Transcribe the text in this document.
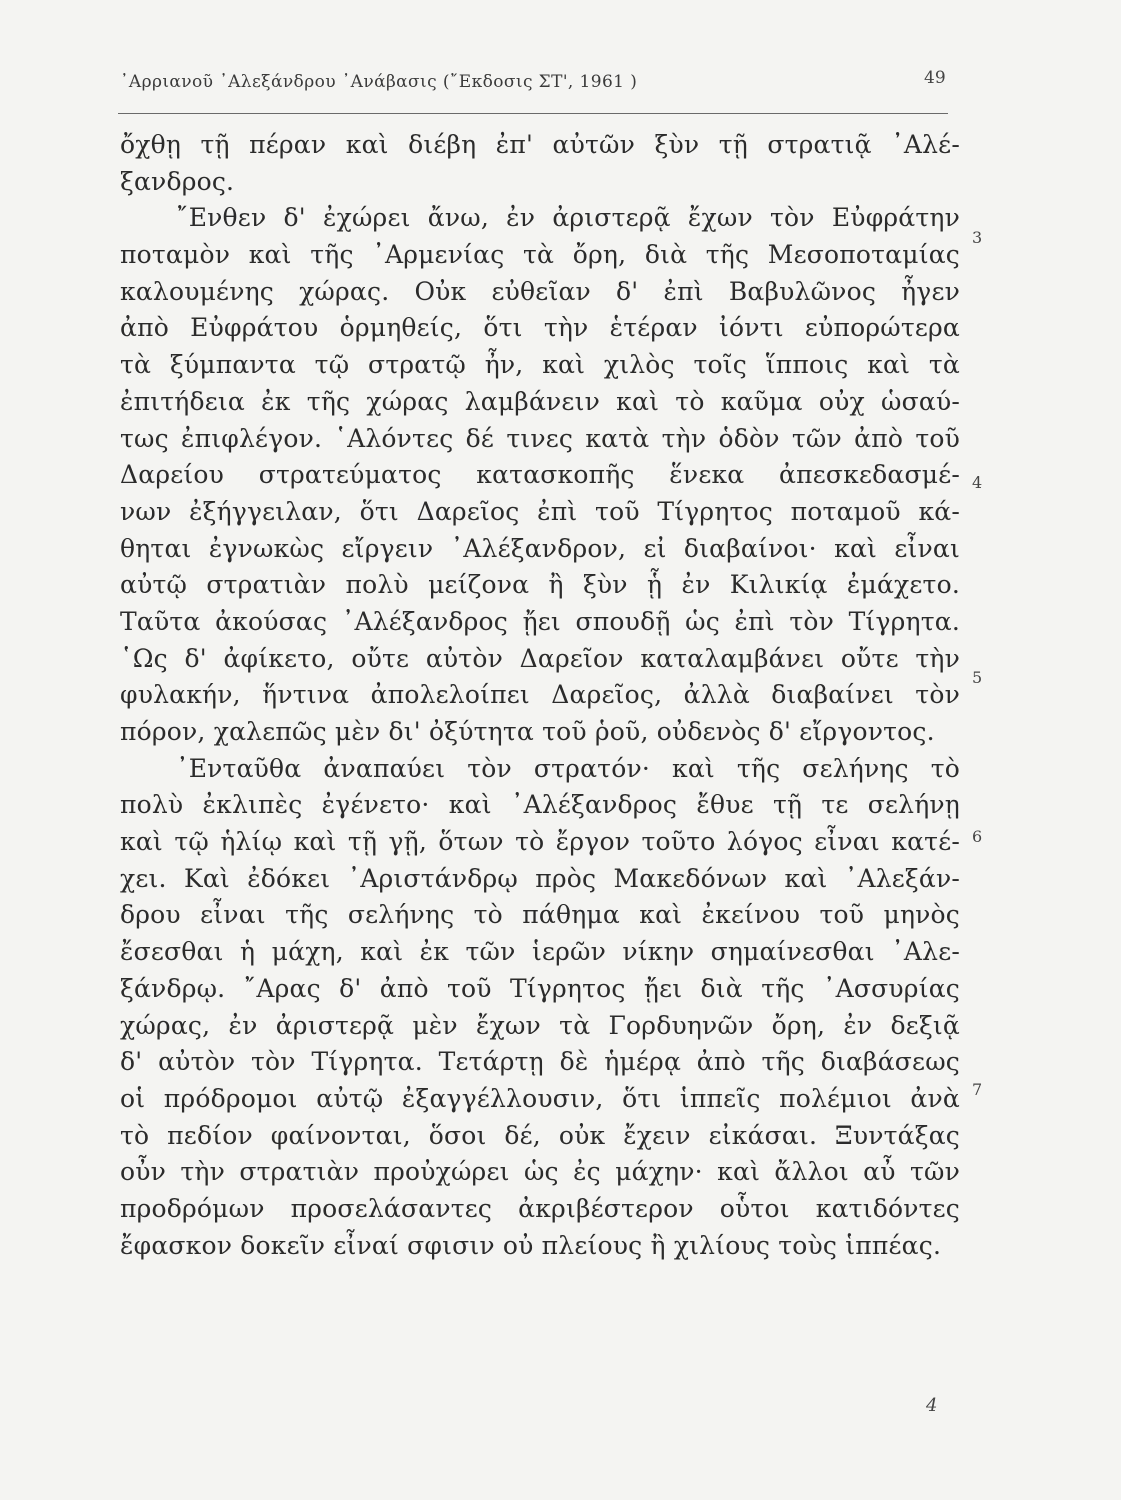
᾿Αρριανοῦ ᾿Αλεξάνδρου ᾿Ανάβασις (῎Εκδοσις ΣΤ', 1961 )	49
ὄχθῃ τῇ πέραν καὶ διέβη ἐπ' αὐτῶν ξὺν τῇ στρατιᾷ ᾿Αλέ-
ξανδρος.
῎Ενθεν δ' ἐχώρει ἄνω, ἐν ἀριστερᾷ ἔχων τὸν Εὐφράτην
ποταμὸν καὶ τῆς ᾿Αρμενίας τὰ ὄρη, διὰ τῆς Μεσοποταμίας
καλουμένης χώρας. Οὐκ εὐθεῖαν δ' ἐπὶ Βαβυλῶνος ἦγεν
ἀπὸ Εὐφράτου ὁρμηθείς, ὅτι τὴν ἑτέραν ἰόντι εὐπορώτερα
τὰ ξύμπαντα τῷ στρατῷ ἦν, καὶ χιλὸς τοῖς ἵπποις καὶ τὰ
ἐπιτήδεια ἐκ τῆς χώρας λαμβάνειν καὶ τὸ καῦμα οὐχ ὡσαύ-
τως ἐπιφλέγον. ῾Αλόντες δέ τινες κατὰ τὴν ὁδὸν τῶν ἀπὸ τοῦ
Δαρείου στρατεύματος κατασκοπῆς ἕνεκα ἀπεσκεδασμέ-
νων ἐξήγγειλαν, ὅτι Δαρεῖος ἐπὶ τοῦ Τίγρητος ποταμοῦ κά-
θηται ἐγνωκὼς εἴργειν ᾿Αλέξανδρον, εἰ διαβαίνοι· καὶ εἶναι
αὐτῷ στρατιὰν πολὺ μείζονα ἢ ξὺν ᾗ ἐν Κιλικίᾳ ἐμάχετο.
Ταῦτα ἀκούσας ᾿Αλέξανδρος ᾔει σπουδῇ ὡς ἐπὶ τὸν Τίγρητα.
῾Ως δ' ἀφίκετο, οὔτε αὐτὸν Δαρεῖον καταλαμβάνει οὔτε τὴν
φυλακήν, ἥντινα ἀπολελοίπει Δαρεῖος, ἀλλὰ διαβαίνει τὸν
πόρον, χαλεπῶς μὲν δι' ὀξύτητα τοῦ ῥοῦ, οὐδενὸς δ' εἴργοντος.
᾿Ενταῦθα ἀναπαύει τὸν στρατόν· καὶ τῆς σελήνης τὸ
πολὺ ἐκλιπὲς ἐγένετο· καὶ ᾿Αλέξανδρος ἔθυε τῇ τε σελήνῃ
καὶ τῷ ἡλίῳ καὶ τῇ γῇ, ὅτων τὸ ἔργον τοῦτο λόγος εἶναι κατέ-
χει. Καὶ ἐδόκει ᾿Αριστάνδρῳ πρὸς Μακεδόνων καὶ ᾿Αλεξάν-
δρου εἶναι τῆς σελήνης τὸ πάθημα καὶ ἐκείνου τοῦ μηνὸς
ἔσεσθαι ἡ μάχη, καὶ ἐκ τῶν ἱερῶν νίκην σημαίνεσθαι ᾿Αλε-
ξάνδρῳ. ῎Αρας δ' ἀπὸ τοῦ Τίγρητος ᾔει διὰ τῆς ᾿Ασσυρίας
χώρας, ἐν ἀριστερᾷ μὲν ἔχων τὰ Γορδυηνῶν ὄρη, ἐν δεξιᾷ
δ' αὐτὸν τὸν Τίγρητα. Τετάρτῃ δὲ ἡμέρᾳ ἀπὸ τῆς διαβάσεως
οἱ πρόδρομοι αὐτῷ ἐξαγγέλλουσιν, ὅτι ἱππεῖς πολέμιοι ἀνὰ
τὸ πεδίον φαίνονται, ὅσοι δέ, οὐκ ἔχειν εἰκάσαι. Ξυντάξας
οὖν τὴν στρατιὰν προὐχώρει ὡς ἐς μάχην· καὶ ἄλλοι αὖ τῶν
προδρόμων προσελάσαντες ἀκριβέστερον οὗτοι κατιδόντες
ἔφασκον δοκεῖν εἶναί σφισιν οὐ πλείους ἢ χιλίους τοὺς ἱππέας.
3
4
5
6
7
4
